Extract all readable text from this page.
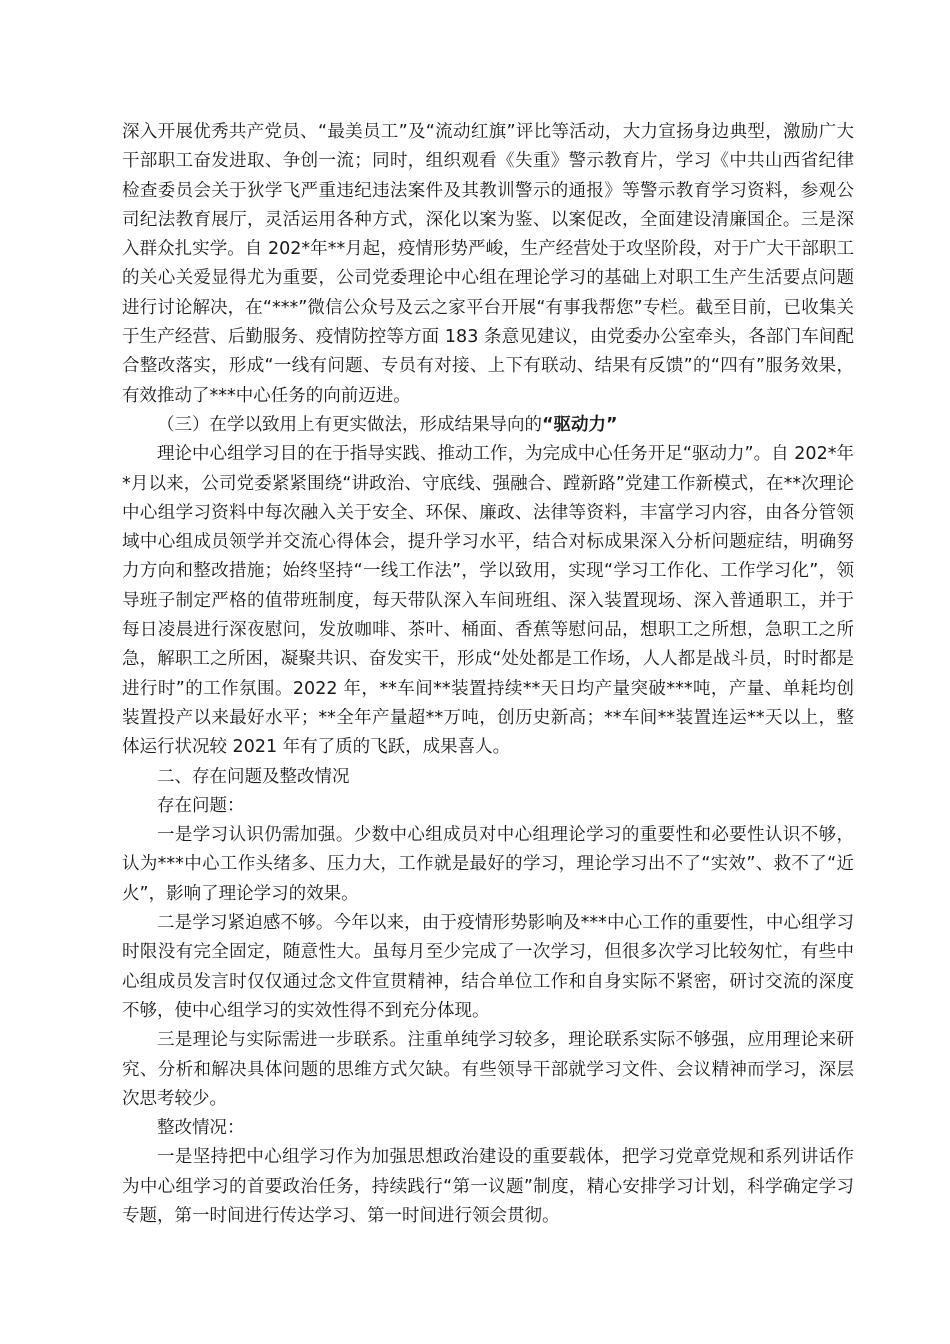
深入开展优秀共产党员、“最美员工”及“流动红旗”评比等活动，大力宣扬身边典型，激励广大干部职工奋发进取、争创一流；同时，组织观看《失重》警示教育片，学习《中共山西省纪律检查委员会关于狄学飞严重违纪违法案件及其教训警示的通报》等警示教育学习资料，参观公司纪法教育展厅，灵活运用各种方式，深化以案为鉴、以案促改，全面建设清廉国企。三是深入群众扎实学。自 202*年**月起，疫情形势严峻，生产经营处于攻坚阶段，对于广大干部职工的关心关爱显得尤为重要，公司党委理论中心组在理论学习的基础上对职工生产生活要点问题进行讨论解决，在“***”微信公众号及云之家平台开展“有事我帮您”专栏。截至目前，已收集关于生产经营、后勤服务、疫情防控等方面 183 条意见建议，由党委办公室牵头，各部门车间配合整改落实，形成“一线有问题、专员有对接、上下有联动、结果有反馈”的“四有”服务效果，有效推动了***中心任务的向前迈进。

（三）在学以致用上有更实做法，形成结果导向的“驱动力”

理论中心组学习目的在于指导实践、推动工作，为完成中心任务开足“驱动力”。自 202*年*月以来，公司党委紧紧围绕“讲政治、守底线、强融合、蹚新路”党建工作新模式，在**次理论中心组学习资料中每次融入关于安全、环保、廉政、法律等资料，丰富学习内容，由各分管领域中心组成员领学并交流心得体会，提升学习水平，结合对标成果深入分析问题症结，明确努力方向和整改措施；始终坚持“一线工作法”，学以致用，实现“学习工作化、工作学习化”，领导班子制定严格的值带班制度，每天带队深入车间班组、深入装置现场、深入普通职工，并于每日凌晨进行深夜慰问，发放咖啡、茶叶、桶面、香蕉等慰问品，想职工之所想，急职工之所急，解职工之所困，凝聚共识、奋发实干，形成“处处都是工作场，人人都是战斗员，时时都是进行时”的工作氛围。2022 年，**车间**装置持续**天日均产量突破***吨，产量、单耗均创装置投产以来最好水平；**全年产量超**万吨，创历史新高；**车间**装置连运**天以上，整体运行状况较 2021 年有了质的飞跃，成果喜人。

二、存在问题及整改情况

存在问题：

一是学习认识仍需加强。少数中心组成员对中心组理论学习的重要性和必要性认识不够，认为***中心工作头绪多、压力大，工作就是最好的学习，理论学习出不了“实效”、救不了“近火”，影响了理论学习的效果。

二是学习紧迫感不够。今年以来，由于疫情形势影响及***中心工作的重要性，中心组学习时限没有完全固定，随意性大。虽每月至少完成了一次学习，但很多次学习比较匆忙，有些中心组成员发言时仅仅通过念文件宣贯精神，结合单位工作和自身实际不紧密，研讨交流的深度不够，使中心组学习的实效性得不到充分体现。

三是理论与实际需进一步联系。注重单纯学习较多，理论联系实际不够强，应用理论来研究、分析和解决具体问题的思维方式欠缺。有些领导干部就学习文件、会议精神而学习，深层次思考较少。

整改情况：

一是坚持把中心组学习作为加强思想政治建设的重要载体，把学习党章党规和系列讲话作为中心组学习的首要政治任务，持续践行“第一议题”制度，精心安排学习计划，科学确定学习专题，第一时间进行传达学习、第一时间进行领会贯彻。
